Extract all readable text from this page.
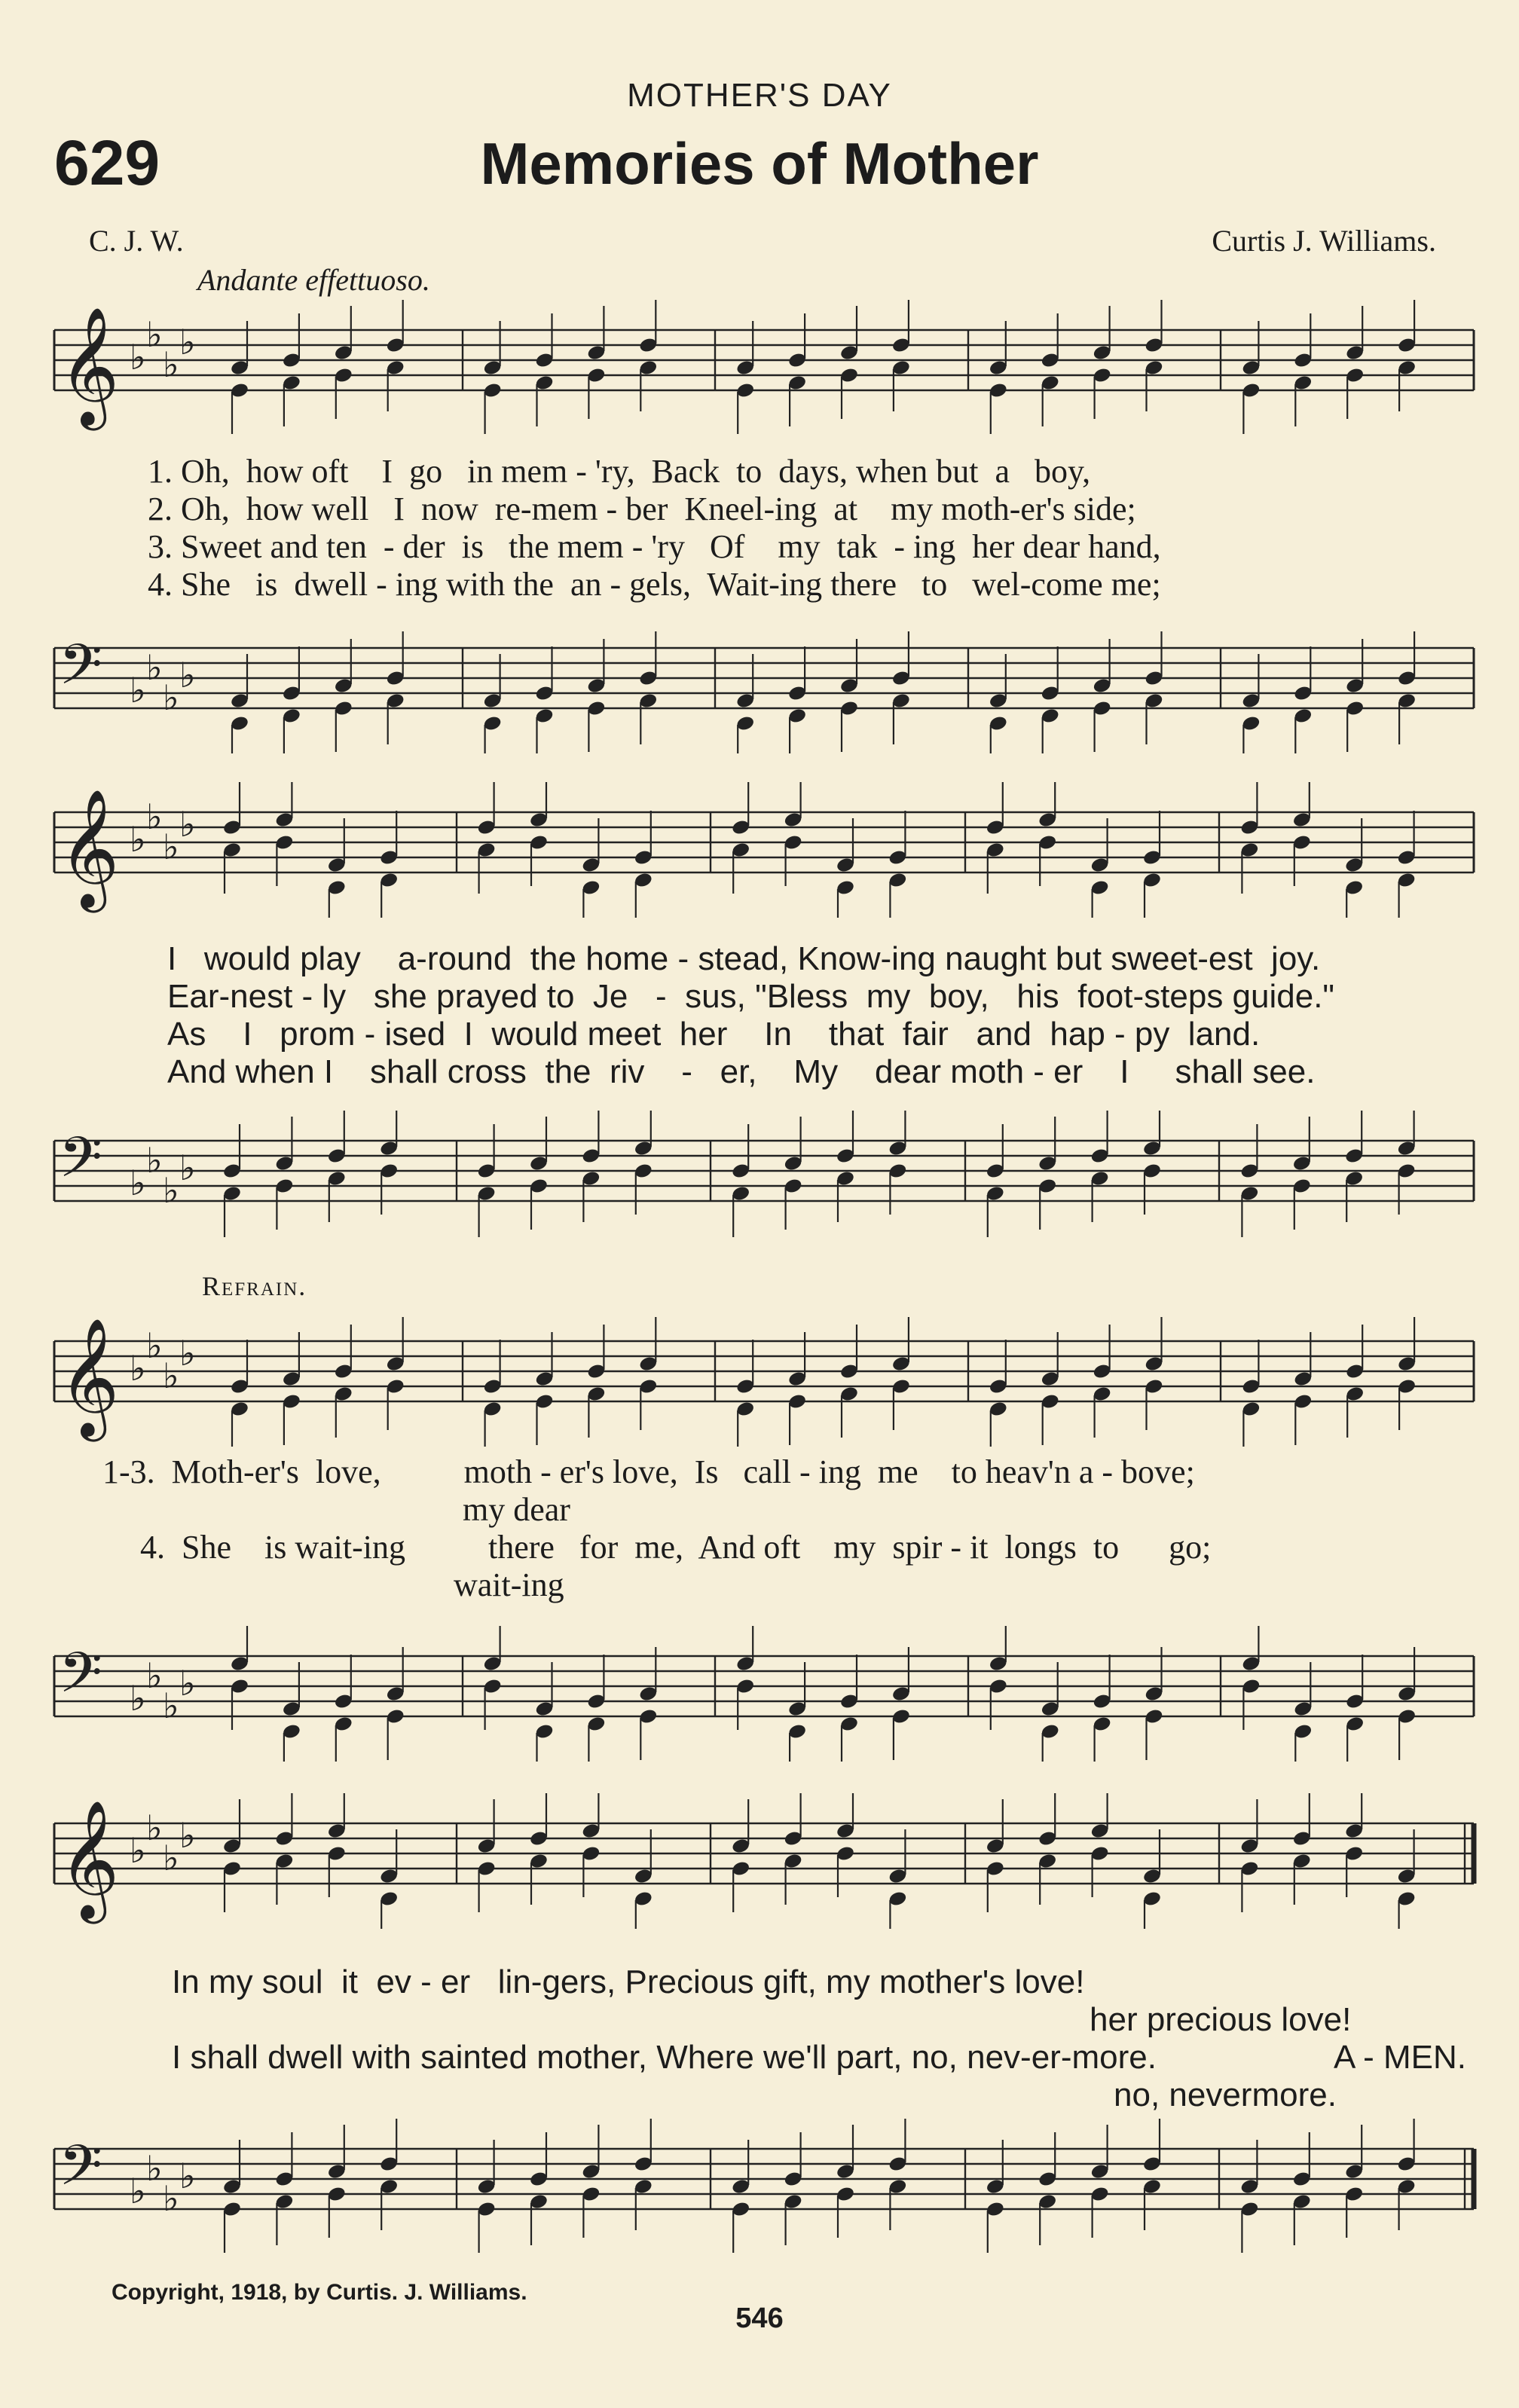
MOTHER'S DAY
629	Memories of Mother
C. J. W.	Curtis J. Williams.
Andante effettuoso.
𝄞 ♭
♭
♭
♭
𝄢 ♭
♭
♭
♭
1. Oh,  how oft    I  go   in mem - 'ry,  Back  to  days, when but  a   boy,
2. Oh,  how well   I  now  re-mem - ber  Kneel-ing  at    my moth-er's side;
3. Sweet and ten  - der  is   the mem - 'ry   Of    my  tak  - ing  her dear hand,
4. She   is  dwell - ing with the  an - gels,  Wait-ing there   to   wel-come me;
𝄞 ♭
♭
♭
♭
𝄢 ♭
♭
♭
♭
I   would play    a-round  the home - stead, Know-ing naught but sweet-est  joy.
Ear-nest - ly   she prayed to  Je   -  sus, "Bless  my  boy,   his  foot-steps guide."
As    I   prom - ised  I  would meet  her    In    that  fair   and  hap - py  land.
And when I    shall cross  the  riv    -   er,    My    dear moth - er    I     shall see.
Refrain.
𝄞 ♭
♭
♭
♭
1-3.  Moth-er's  love,          moth - er's love,  Is   call - ing  me    to heav'n a - bove;
my dear
4.  She    is wait-ing          there   for  me,  And oft    my  spir - it  longs  to      go;
wait-ing
𝄢 ♭
♭
♭
♭
𝄞 ♭
♭
♭
♭
In my soul  it  ev - er   lin-gers, Precious gift, my mother's love!
her precious love!
I shall dwell with sainted mother, Where we'll part, no, nev-er-more.	A - MEN.
no, nevermore.
𝄢 ♭
♭
♭
♭
Copyright, 1918, by Curtis. J. Williams.
546
